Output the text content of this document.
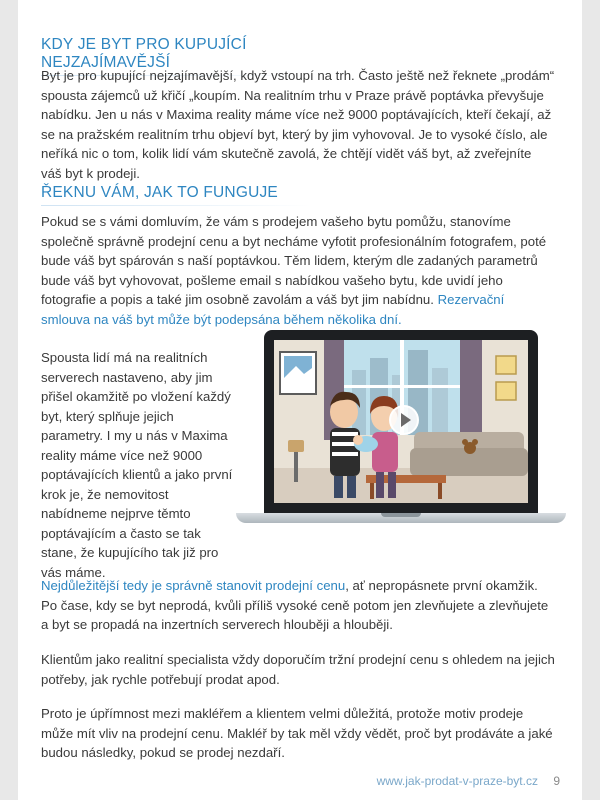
KDY JE BYT PRO KUPUJÍCÍ NEJZAJÍMAVĚJŠÍ

Byt je pro kupující nejzajímavější, když vstoupí na trh. Často ještě než řeknete „prodám“ spousta zájemců už křičí „koupím. Na realitním trhu v Praze právě poptávka převyšuje nabídku. Jen u nás v Maxima reality máme více než 9000 poptávajících, kteří čekají, až se na pražském realitním trhu objeví byt, který by jim vyhovoval. Je to vysoké číslo, ale neříká nic o tom, kolik lidí vám skutečně zavolá, že chtějí vidět váš byt, až zveřejníte váš byt k prodeji.

ŘEKNU VÁM, JAK TO FUNGUJE

Pokud se s vámi domluvím, že vám s prodejem vašeho bytu pomůžu, stanovíme společně správně prodejní cenu a byt necháme vyfotit profesionálním fotografem, poté bude váš byt spárován s naší poptávkou. Těm lidem, kterým dle zadaných parametrů bude váš byt vyhovovat, pošleme email s nabídkou vašeho bytu, kde uvidí jeho fotografie a popis a také jim osobně zavolám a váš byt jim nabídnu. Rezervační smlouva na váš byt může být podepsána během několika dní.

Spousta lidí má na realitních serverech nastaveno, aby jim přišel okamžitě po vložení každý byt, který splňuje jejich parametry. I my u nás v Maxima reality máme více než 9000 poptávajících klientů a jako první krok je, že nemovitost nabídneme nejprve těmto poptávajícím a často se tak stane, že kupujícího tak již pro vás máme.

Nejdůležitější tedy je správně stanovit prodejní cenu, ať nepropásnete první okamžik. Po čase, kdy se byt neprodá, kvůli příliš vysoké ceně potom jen zlevňujete a zlevňujete a byt se propadá na inzertních serverech hlouběji a hlouběji.

Klientům jako realitní specialista vždy doporučím tržní prodejní cenu s ohledem na jejich potřeby, jak rychle potřebují prodat apod.

Proto je úpřímnost mezi makléřem a klientem velmi důležitá, protože motiv prodeje může mít vliv na prodejní cenu. Makléř by tak měl vždy vědět, proč byt prodáváte a jaké budou následky, pokud se prodej nezdaří.

www.jak-prodat-v-praze-byt.cz 9
